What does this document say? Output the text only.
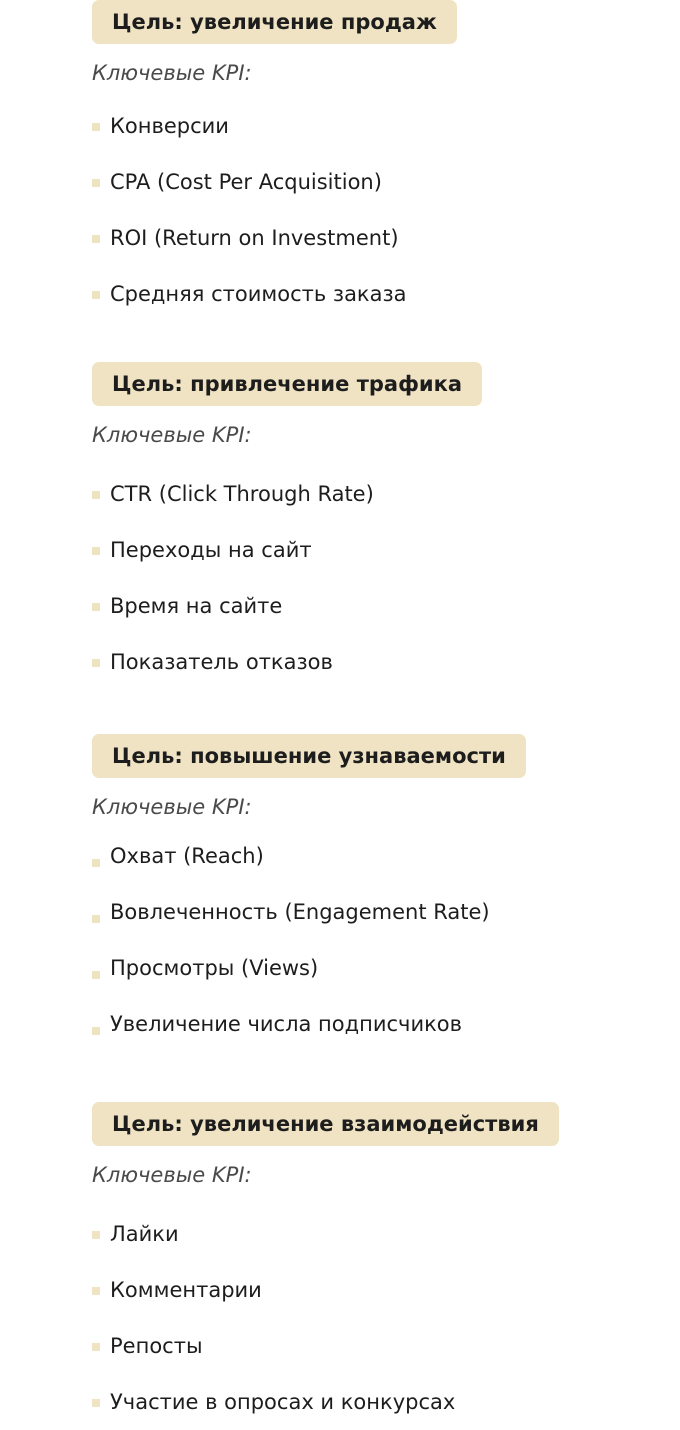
Цель: увеличение продаж
Ключевые KPI:
Конверсии
CPA (Cost Per Acquisition)
ROI (Return on Investment)
Средняя стоимость заказа
Цель: привлечение трафика
Ключевые KPI:
CTR (Click Through Rate)
Переходы на сайт
Время на сайте
Показатель отказов
Цель: повышение узнаваемости
Ключевые KPI:
Охват (Reach)
Вовлеченность (Engagement Rate)
Просмотры (Views)
Увеличение числа подписчиков
Цель: увеличение взаимодействия
Ключевые KPI:
Лайки
Комментарии
Репосты
Участие в опросах и конкурсах
